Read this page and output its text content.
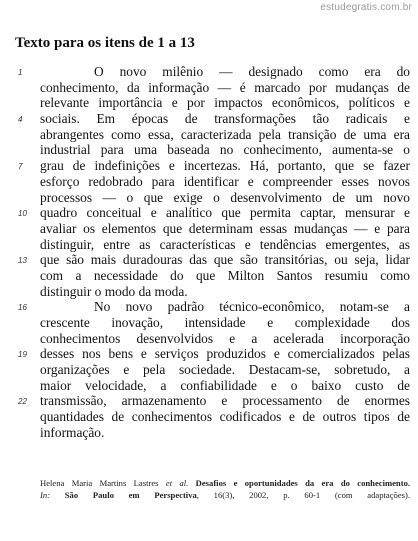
estudegratis.com.br
Texto para os itens de 1 a 13
1	O novo milênio — designado como era do
conhecimento, da informação — é marcado por mudanças de
relevante importância e por impactos econômicos, políticos e
4 sociais. Em épocas de transformações tão radicais e
abrangentes como essa, caracterizada pela transição de uma era
industrial para uma baseada no conhecimento, aumenta-se o
7 grau de indefinições e incertezas. Há, portanto, que se fazer
esforço redobrado para identificar e compreender esses novos
processos — o que exige o desenvolvimento de um novo
10 quadro conceitual e analítico que permita captar, mensurar e
avaliar os elementos que determinam essas mudanças — e para
distinguir, entre as características e tendências emergentes, as
13 que são mais duradouras das que são transitórias, ou seja, lidar
com a necessidade do que Milton Santos resumiu como
distinguir o modo da moda.
16	No novo padrão técnico-econômico, notam-se a
crescente inovação, intensidade e complexidade dos
conhecimentos desenvolvidos e a acelerada incorporação
19 desses nos bens e serviços produzidos e comercializados pelas
organizações e pela sociedade. Destacam-se, sobretudo, a
maior velocidade, a confiabilidade e o baixo custo de
22 transmissão, armazenamento e processamento de enormes
quantidades de conhecimentos codificados e de outros tipos de
informação.
Helena Maria Martins Lastres et al. Desafios e oportunidades da era do conhecimento.
In: São Paulo em Perspectiva, 16(3), 2002, p. 60-1 (com adaptações).
